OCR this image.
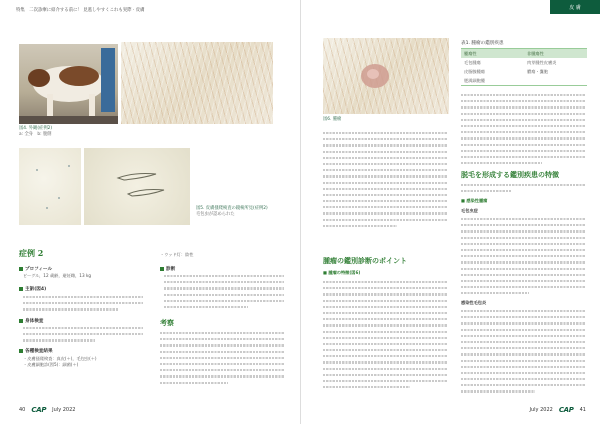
特集　二次診療に紹介する前に！ 見逃しやすくこれも実際 · 皮膚
図4. 外観(症例2)
a: 全身　b: 腹側
図5. 皮膚搔爬検査の鏡検所見(症例2)
毛包虫が認められた
症例 2
プロフィール
ビーグル，12 歳齢，避妊雌，13 kg
主訴(図4)
身体検査
各種検査結果
・皮膚掻爬検査：真皮(＋)，毛包虫(＋)
・皮膚細胞診(図5)：細菌(＋)
・ウッド灯：陰性
診断
考察
40 CAP July 2022
皮 膚
図6. 腫瘤
表1. 腫瘤の鑑別疾患
腫瘍性	非腫瘍性
毛包腫瘍	肉芽腫性皮膚炎
皮脂腺腫瘍	膿瘍・嚢胞
肥満細胞腫
腫瘤の鑑別診断のポイント
■ 腫瘤の特徴(図6)
脱毛を形成する鑑別疾患の特徴
■ 感染性腫瘤
毛包虫症
感染性毛包炎
July 2022 CAP 41
